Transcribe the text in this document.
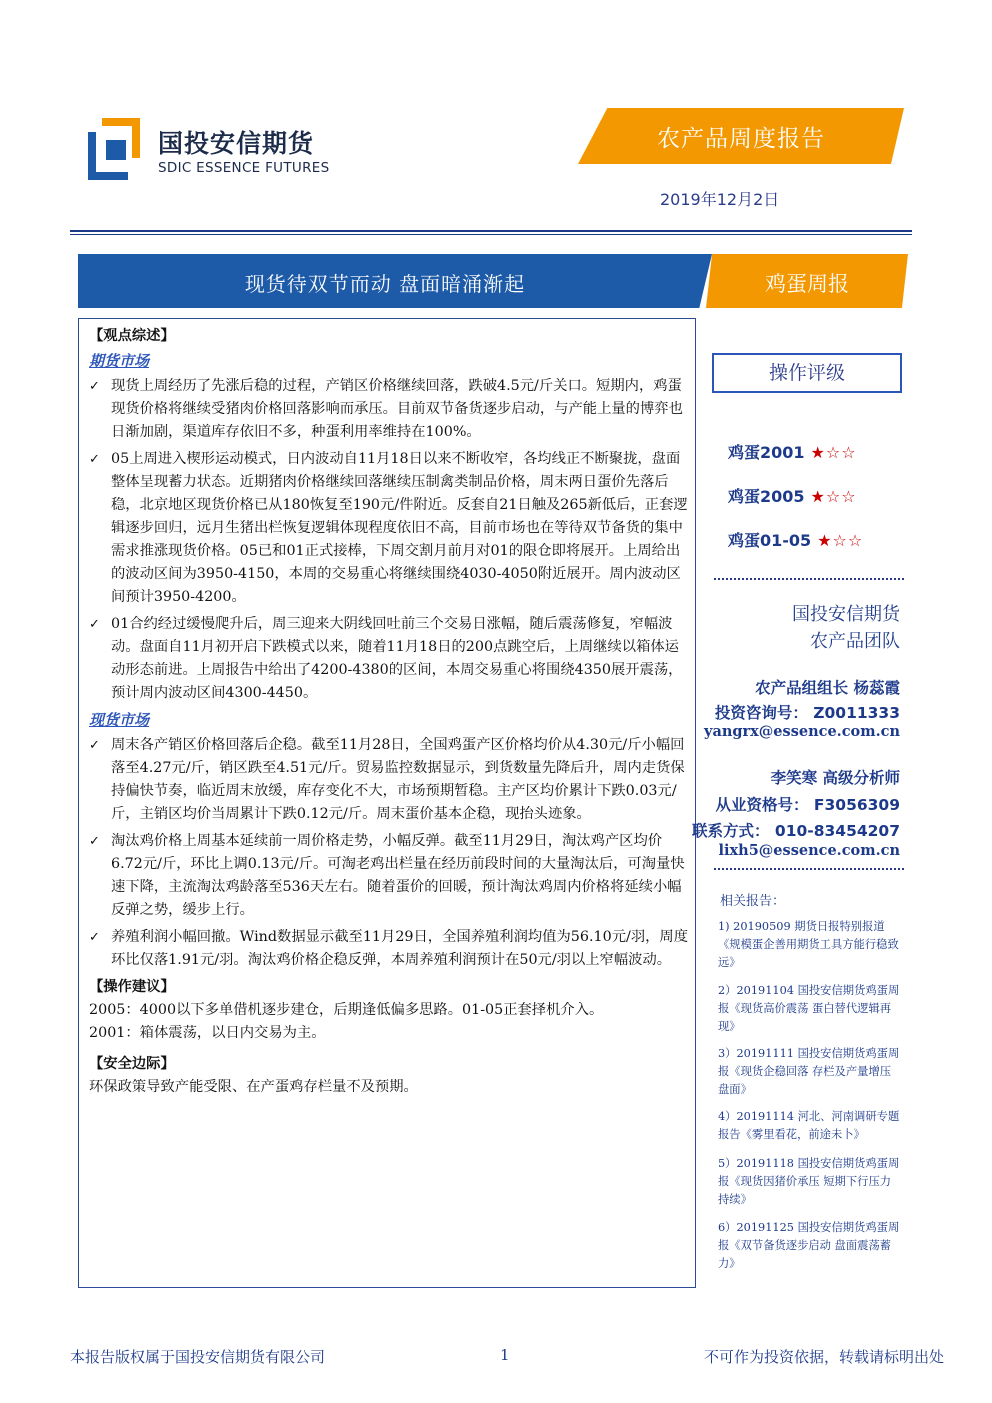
国投安信期货
SDIC ESSENCE FUTURES
农产品周度报告
2019年12月2日
现货待双节而动 盘面暗涌渐起	鸡蛋周报

【观点综述】

期货市场

✓ 现货上周经历了先涨后稳的过程，产销区价格继续回落，跌破4.5元/斤关口。短期内，鸡蛋现货价格将继续受猪肉价格回落影响而承压。目前双节备货逐步启动，与产能上量的博弈也日渐加剧，渠道库存依旧不多，种蛋利用率维持在100%。
✓ 05上周进入楔形运动模式，日内波动自11月18日以来不断收窄，各均线正不断聚拢，盘面整体呈现蓄力状态。近期猪肉价格继续回落继续压制禽类制品价格，周末两日蛋价先落后稳，北京地区现货价格已从180恢复至190元/件附近。反套自21日触及265新低后，正套逻辑逐步回归，远月生猪出栏恢复逻辑体现程度依旧不高，目前市场也在等待双节备货的集中需求推涨现货价格。05已和01正式接棒，下周交割月前月对01的限仓即将展开。上周给出的波动区间为3950-4150，本周的交易重心将继续围绕4030-4050附近展开。周内波动区间预计3950-4200。
✓ 01合约经过缓慢爬升后，周三迎来大阴线回吐前三个交易日涨幅，随后震荡修复，窄幅波动。盘面自11月初开启下跌模式以来，随着11月18日的200点跳空后，上周继续以箱体运动形态前进。上周报告中给出了4200-4380的区间，本周交易重心将围绕4350展开震荡，预计周内波动区间4300-4450。

现货市场

✓ 周末各产销区价格回落后企稳。截至11月28日，全国鸡蛋产区价格均价从4.30元/斤小幅回落至4.27元/斤，销区跌至4.51元/斤。贸易监控数据显示，到货数量先降后升，周内走货保持偏快节奏，临近周末放缓，库存变化不大，市场预期暂稳。主产区均价累计下跌0.03元/斤，主销区均价当周累计下跌0.12元/斤。周末蛋价基本企稳，现抬头迹象。
✓ 淘汰鸡价格上周基本延续前一周价格走势，小幅反弹。截至11月29日，淘汰鸡产区均价6.72元/斤，环比上调0.13元/斤。可淘老鸡出栏量在经历前段时间的大量淘汰后，可淘量快速下降，主流淘汰鸡龄落至536天左右。随着蛋价的回暖，预计淘汰鸡周内价格将延续小幅反弹之势，缓步上行。
✓ 养殖利润小幅回撤。Wind数据显示截至11月29日，全国养殖利润均值为56.10元/羽，周度环比仅落1.91元/羽。淘汰鸡价格企稳反弹，本周养殖利润预计在50元/羽以上窄幅波动。

【操作建议】

2005：4000以下多单借机逐步建仓，后期逢低偏多思路。01-05正套择机介入。

2001：箱体震荡，以日内交易为主。

【安全边际】

环保政策导致产能受限、在产蛋鸡存栏量不及预期。

操作评级
鸡蛋2001 ★☆☆
鸡蛋2005 ★☆☆
鸡蛋01-05 ★☆☆
国投安信期货
农产品团队
农产品组组长 杨蕊霞
投资咨询号： Z0011333
yangrx@essence.com.cn
李笑寒 高级分析师
从业资格号： F3056309
联系方式： 010-83454207
lixh5@essence.com.cn
相关报告：
1) 20190509 期货日报特别报道《规模蛋企善用期货工具方能行稳致远》
2）20191104 国投安信期货鸡蛋周报《现货高价震荡 蛋白替代逻辑再现》
3）20191111 国投安信期货鸡蛋周报《现货企稳回落 存栏及产量增压盘面》
4）20191114 河北、河南调研专题报告《雾里看花，前途未卜》
5）20191118 国投安信期货鸡蛋周报《现货因猪价承压 短期下行压力持续》
6）20191125 国投安信期货鸡蛋周报《双节备货逐步启动 盘面震荡蓄力》
本报告版权属于国投安信期货有限公司	1	不可作为投资依据，转载请标明出处
